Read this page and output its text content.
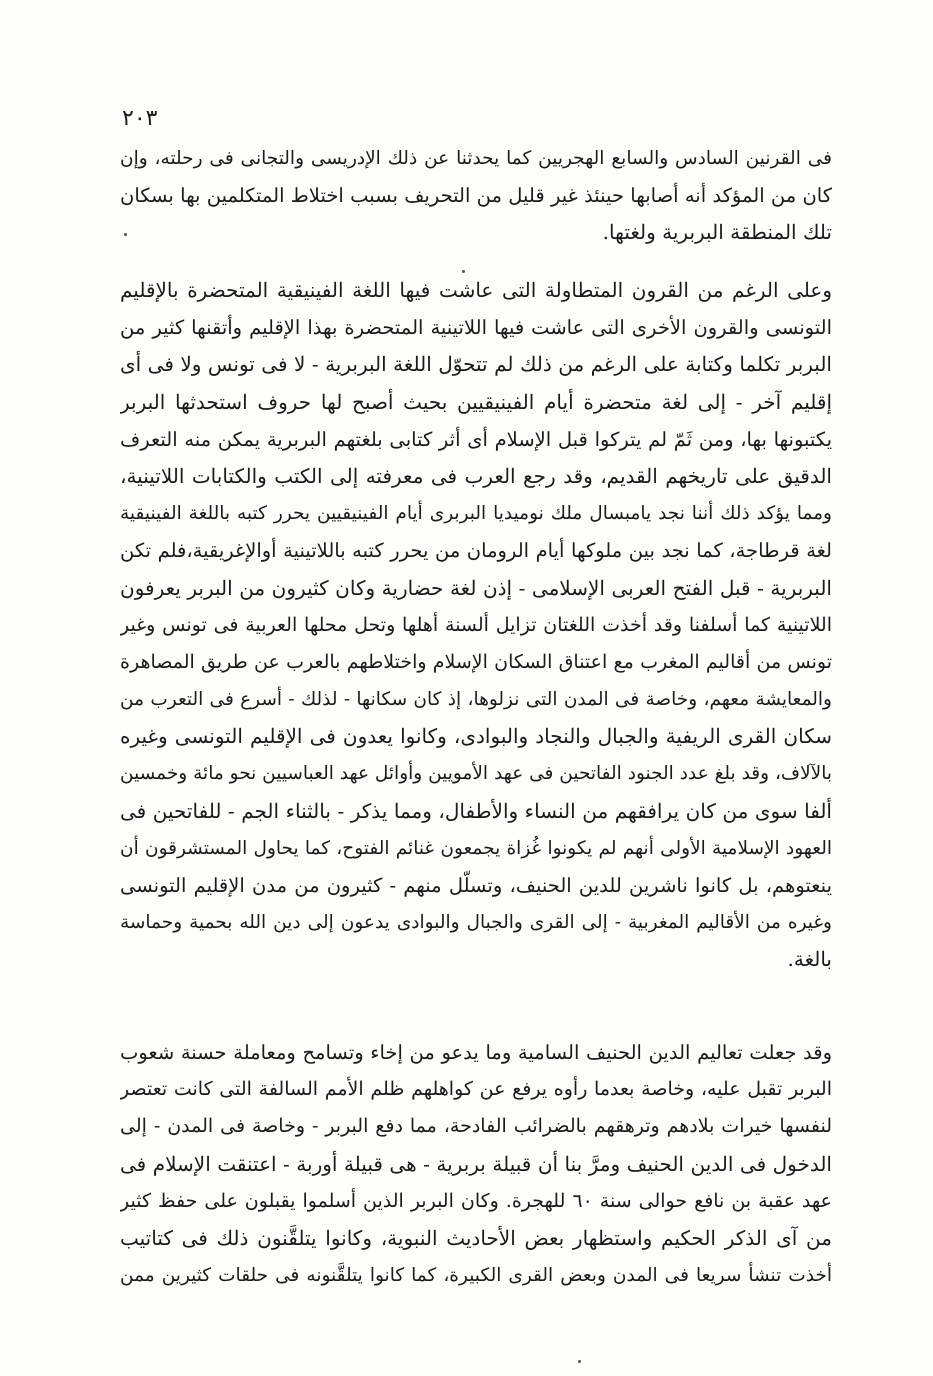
٢٠٣
فى القرنين السادس والسابع الهجريين كما يحدثنا عن ذلك الإدريسى والتجانى فى رحلته، وإن
كان من المؤكد أنه أصابها حينئذ غير قليل من التحريف بسبب اختلاط المتكلمين بها بسكان
تلك المنطقة البربرية ولغتها.
وعلى الرغم من القرون المتطاولة التى عاشت فيها اللغة الفينيقية المتحضرة بالإقليم
التونسى والقرون الأخرى التى عاشت فيها اللاتينية المتحضرة بهذا الإقليم وأتقنها كثير من
البربر تكلما وكتابة على الرغم من ذلك لم تتحوّل اللغة البربرية - لا فى تونس ولا فى أى
إقليم آخر - إلى لغة متحضرة أيام الفينيقيين بحيث أصبح لها حروف استحدثها البربر
يكتبونها بها، ومن ثَمّ لم يتركوا قبل الإسلام أى أثر كتابى بلغتهم البربرية يمكن منه التعرف
الدقيق على تاريخهم القديم، وقد رجع العرب فى معرفته إلى الكتب والكتابات اللاتينية،
ومما يؤكد ذلك أننا نجد يامبسال ملك نوميديا البربرى أيام الفينيقيين يحرر كتبه باللغة الفينيقية
لغة قرطاجة، كما نجد بين ملوكها أيام الرومان من يحرر كتبه باللاتينية أوالإغريقية،فلم تكن
البربرية - قبل الفتح العربى الإسلامى - إذن لغة حضارية وكان كثيرون من البربر يعرفون
اللاتينية كما أسلفنا وقد أخذت اللغتان تزايل ألسنة أهلها وتحل محلها العربية فى تونس وغير
تونس من أقاليم المغرب مع اعتناق السكان الإسلام واختلاطهم بالعرب عن طريق المصاهرة
والمعايشة معهم، وخاصة فى المدن التى نزلوها، إذ كان سكانها - لذلك - أسرع فى التعرب من
سكان القرى الريفية والجبال والنجاد والبوادى، وكانوا يعدون فى الإقليم التونسى وغيره
بالآلاف، وقد بلغ عدد الجنود الفاتحين فى عهد الأمويين وأوائل عهد العباسيين نحو مائة وخمسين
ألفا سوى من كان يرافقهم من النساء والأطفال، ومما يذكر - بالثناء الجم - للفاتحين فى
العهود الإسلامية الأولى أنهم لم يكونوا غُزاة يجمعون غنائم الفتوح، كما يحاول المستشرقون أن
ينعتوهم، بل كانوا ناشرين للدين الحنيف، وتسلّل منهم - كثيرون من مدن الإقليم التونسى
وغيره من الأقاليم المغربية - إلى القرى والجبال والبوادى يدعون إلى دين الله بحمية وحماسة
بالغة.
وقد جعلت تعاليم الدين الحنيف السامية وما يدعو من إخاء وتسامح ومعاملة حسنة شعوب
البربر تقبل عليه، وخاصة بعدما رأوه يرفع عن كواهلهم ظلم الأمم السالفة التى كانت تعتصر
لنفسها خيرات بلادهم وترهقهم بالضرائب الفادحة، مما دفع البربر - وخاصة فى المدن - إلى
الدخول فى الدين الحنيف ومرَّ بنا أن قبيلة بربرية - هى قبيلة أوربة - اعتنقت الإسلام فى
عهد عقبة بن نافع حوالى سنة ٦٠ للهجرة. وكان البربر الذين أسلموا يقبلون على حفظ كثير
من آى الذكر الحكيم واستظهار بعض الأحاديث النبوية، وكانوا يتلقَّنون ذلك فى كتاتيب
أخذت تنشأ سريعا فى المدن وبعض القرى الكبيرة، كما كانوا يتلقَّنونه فى حلقات كثيرين ممن
